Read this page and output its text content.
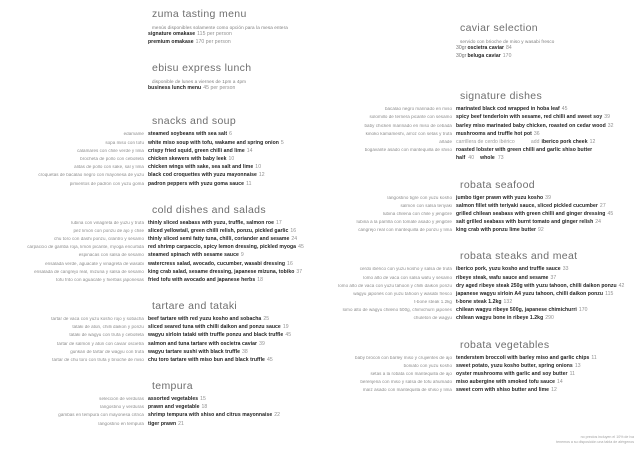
zuma tasting menu
menús disponibles solamente como opción para la mesa entera
signature omakase 115 per person
premium omakase 170 per person
ebisu express lunch
disponible de lunes a viernes de 1pm a 4pm
business lunch menu 45 per person
snacks and soup
edamame steamed soybeans with sea salt 6
sopa miso con tofu white miso soup with tofu, wakame and spring onion 5
calamares con chile verde y lima crispy fried squid, green chilli and lime 14
brocheta de pollo con cebolleta chicken skewers with baby leek 10
alitas de pollo con sake, sal y lima chicken wings with sake, sea salt and lime 10
croquetas de bacalao negro con mayonesa de yuzu black cod croquettes with yuzu mayonnaise 12
pimientos de padrón con yuzu goma padron peppers with yuzu goma sauce 11
cold dishes and salads
lubina con vinagreta de yuzu y trufa thinly sliced seabass with yuzu, truffle, salmon roe 17
pez limón con ponzu de ajo y chile sliced yellowtail, green chilli relish, ponzu, pickled garlic 16
chu toro con dashi ponzu, cilantro y sésamo thinly sliced semi fatty tuna, chilli, coriander and sesame 24
carpaccio de gamba roja, limón picante, myoga encurtida red shrimp carpaccio, spicy lemon dressing, pickled myoga 45
espinacas con salsa de sésamo steamed spinach with sesame sauce 9
ensalada verde, aguacate y vinagreta de wasabi watercress salad, avocado, cucumber, wasabi dressing 16
ensalada de cangrejo real, mizuna y salsa de sésamo king crab salad, sesame dressing, japanese mizuna, tobiko 37
tofu frito con aguacate y hierbas japonesas fried tofu with avocado and japanese herbs 18
tartare and tataki
tartar de vaca con yuzu kosho rojo y sobacha beef tartare with red yuzu kosho and sobacha 25
tataki de atún, chilli daikon y ponzu sliced seared tuna with chilli daikon and ponzu sauce 19
tataki de wagyu con trufa y cebolleta wagyu sirloin tataki with truffle ponzu and black truffle 45
tartar de salmón y atún con caviar oscietra salmon and tuna tartare with oscietra caviar 39
gunkan de tartar de wagyu con trufa wagyu tartare sushi with black truffle 38
tartar de chu toro con trufa y brioche de miso chu toro tartare with miso bun and black truffle 45
tempura
selección de verduras assorted vegetables 15
langostino y verduras prawn and vegetable 18
gambas en tempura con mayonesa cítrica shrimp tempura with shiso and citrus mayonnaise 22
langostino en tempura tiger prawn 21
caviar selection
servido con brioche de miso y wasabi fresco
30groscietra caviar 84
30grbeluga caviar 170
signature dishes
bacalao negro marinado en miso marinated black cod wrapped in hoba leaf 45
solomillo de ternera picante con sésamo spicy beef tenderloin with sesame, red chilli and sweet soy 39
baby chicken marinado en miso de cebada barley miso marinated baby chicken, roasted on cedar wood 32
kinoko kamameshi, arroz con setas y trufa mushrooms and truffle hot pot 36
añade carrillera de cerdo ibérico	add iberico pork cheek 12
bogavante asado con mantequilla de shiso roasted lobster with green chilli and garlic shiso butter
half 40 whole 73
robata seafood
langostino tigre con yuzu kosho jumbo tiger prawn with yuzu kosho 39
salmón con salsa teriyaki salmon fillet with teriyaki sauce, sliced pickled cucumber 27
lubina chilena con chile y jengibre grilled chilean seabass with green chilli and ginger dressing 45
lubina a la parrilla con tomate asado y jengibre salt grilled seabass with burnt tomato and ginger relish 24
cangrejo real con mantequilla de ponzu y lima king crab with ponzu lime butter 92
robata steaks and meat
cerdo ibérico con yuzu kosho y salsa de trufa iberico pork, yuzu kosho and truffle sauce 33
lomo alto de vaca con salsa wafu y sésamo ribeye steak, wafu sauce and sesame 37
lomo alto de vaca con yuzu tahoon y chilli daikon ponzu dry aged ribeye steak 250g with yuzu tahoon, chilli daikon ponzu 42
wagyu japonés con yuzu tahoon y wasabi fresco japanese wagyu sirloin A4 yuzu tahoon, chilli daikon ponzu 115
t-bone steak 1.2kg t-bone steak 1.2kg 132
lomo alto de wagyu chileno 500g, chimichurri japonés chilean wagyu ribeye 500g, japanese chimichurri 170
chuletón de wagyu chilean wagyu bone in ribeye 1.2kg 290
robata vegetables
baby brócoli con barley miso y crujientes de ajo tenderstem broccoli with barley miso and garlic chips 11
boniato con yuzu kosho sweet potato, yuzu kosho butter, spring onions 13
setas a la robata con mantequilla de ajo oyster mushrooms with garlic and soy butter 11
berenjena con miso y salsa de tofu ahumado miso aubergine with smoked tofu sauce 14
maíz asado con mantequilla de shiso y lima sweet corn with shiso butter and lime 12
no precios incluyen el 10% de iva
tenemos a su disposición una tabla de alérgenos
